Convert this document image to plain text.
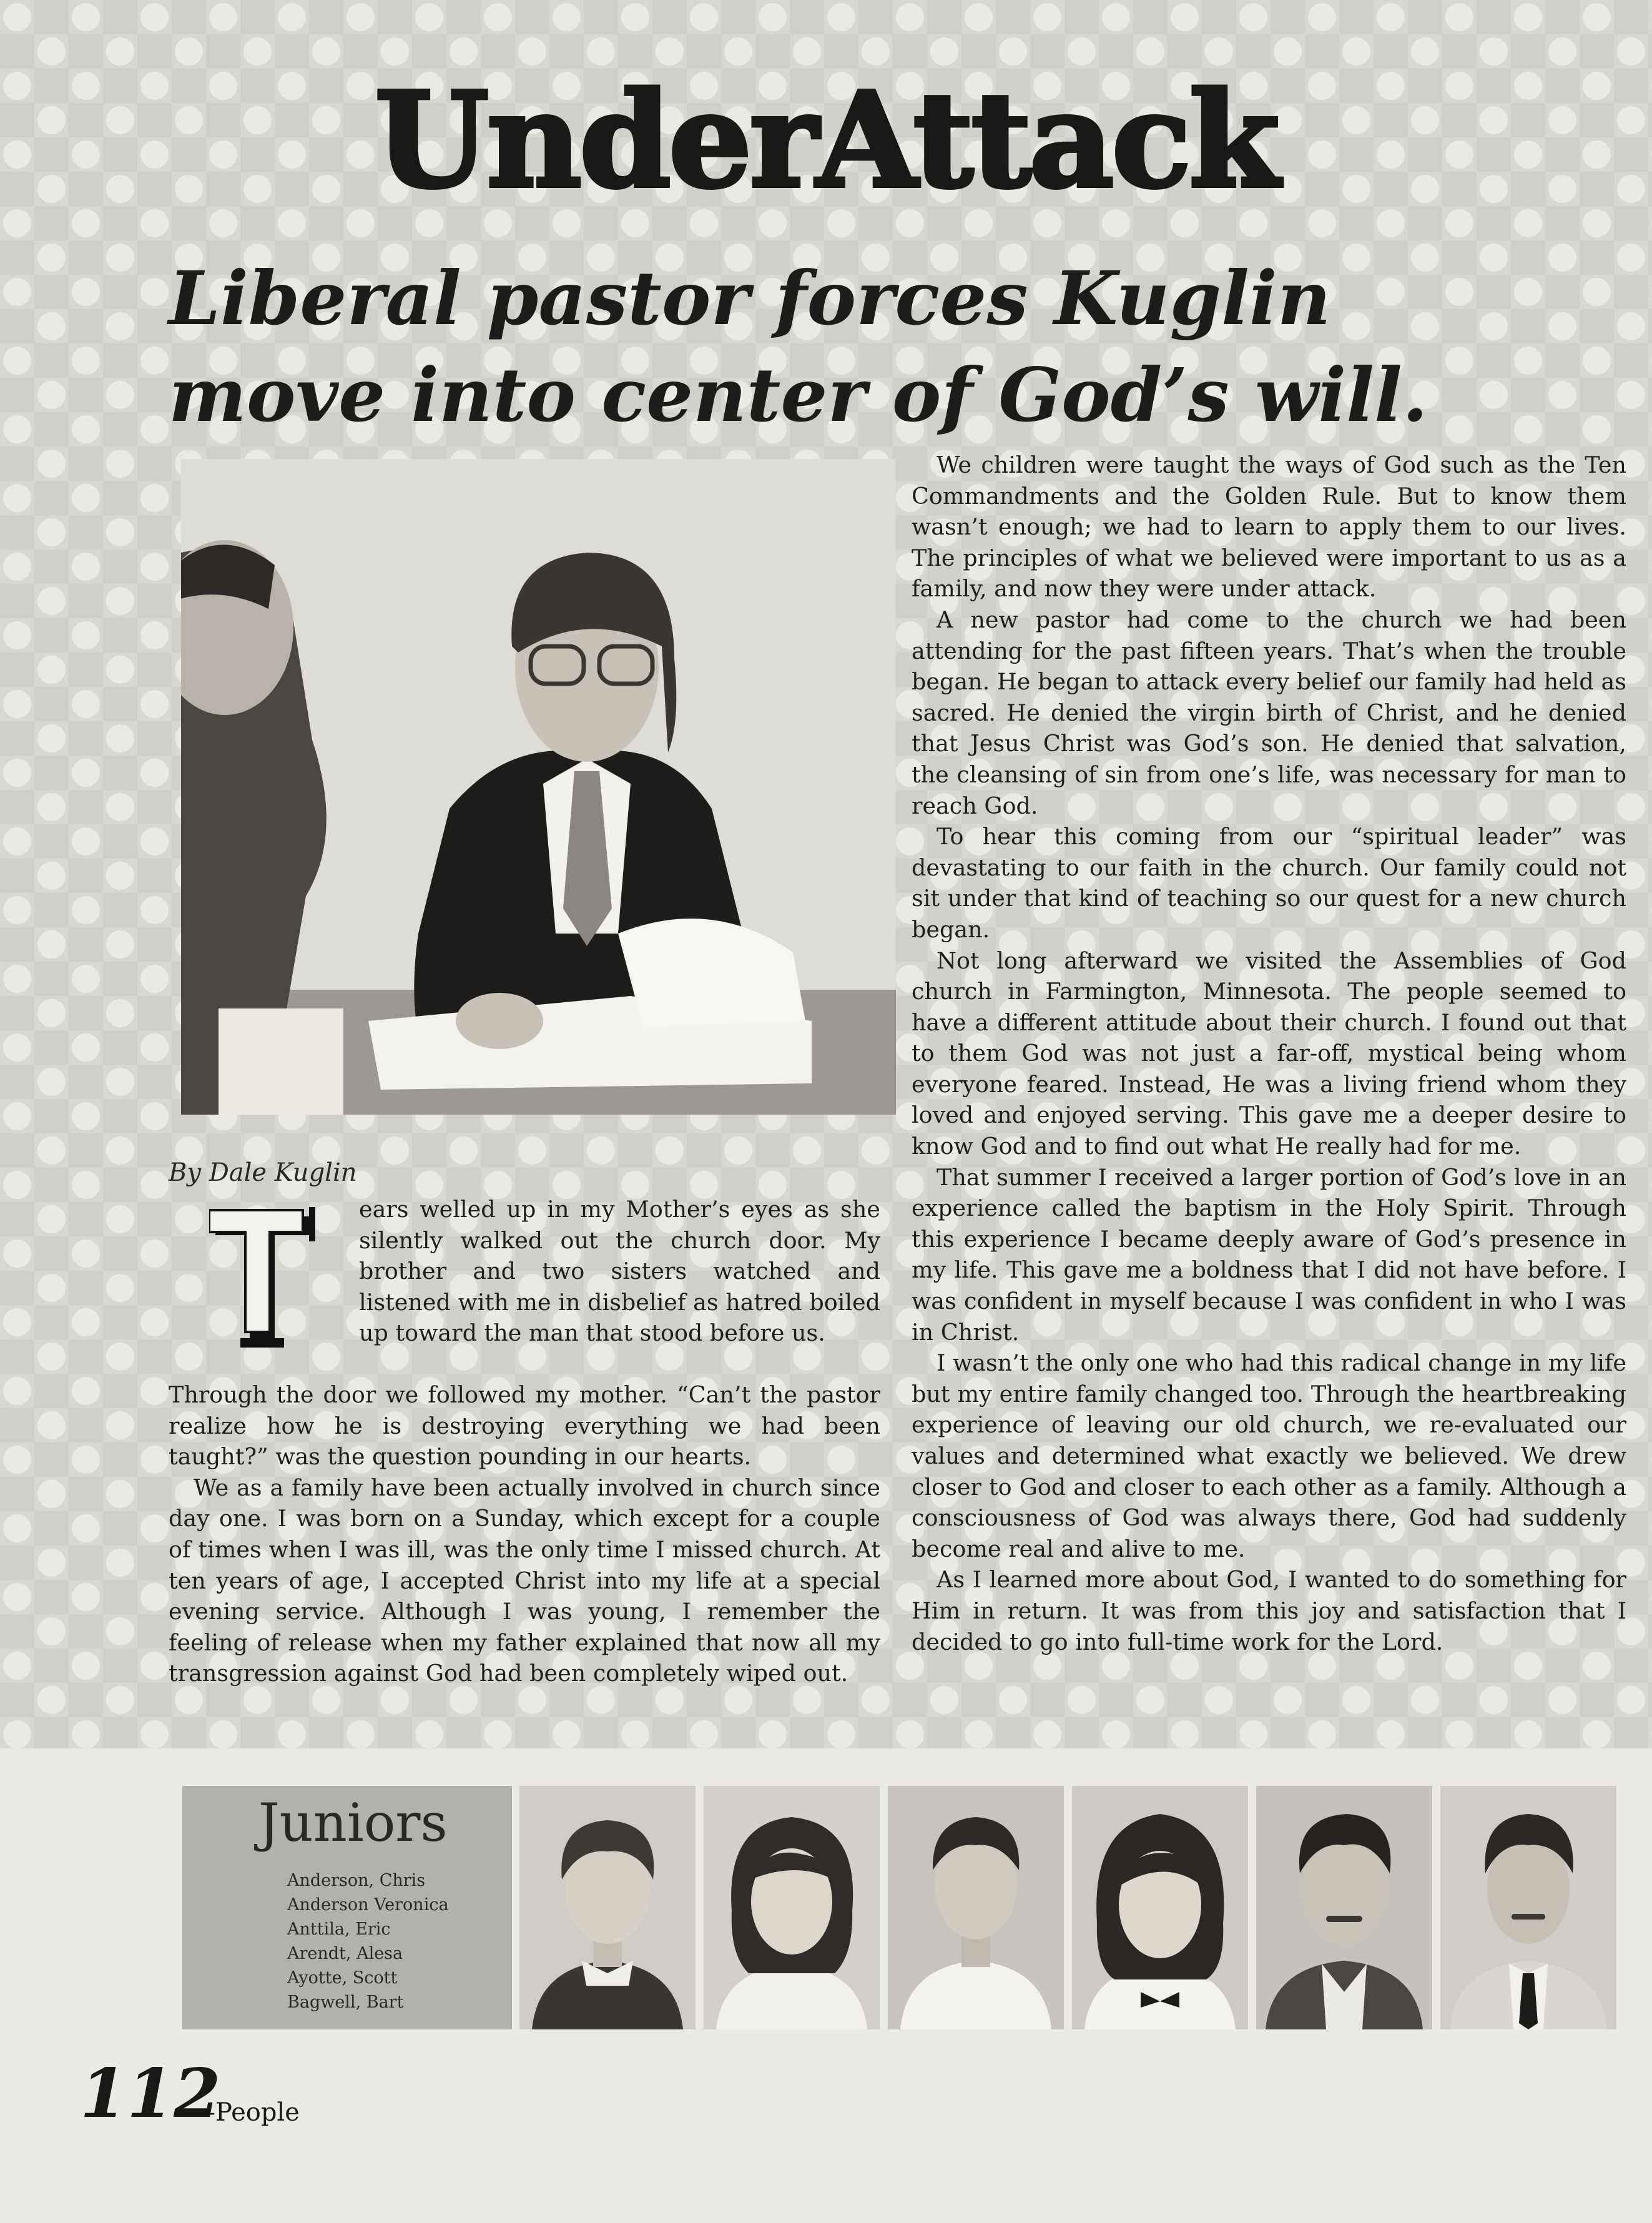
UnderAttack
Liberal pastor forces Kuglin
move into center of God’s will.
By Dale Kuglin
T	ears welled up in my Mother’s eyes as she silently walked out the church door. My brother and two sisters watched and listened with me in disbelief as hatred boiled up toward the man that stood before us.

Through the door we followed my mother. “Can’t the pastor realize how he is destroying everything we had been taught?” was the question pounding in our hearts.

We as a family have been actually involved in church since day one. I was born on a Sunday, which except for a couple of times when I was ill, was the only time I missed church. At ten years of age, I accepted Christ into my life at a special evening service. Although I was young, I remember the feeling of release when my father explained that now all my transgression against God had been completely wiped out.

We children were taught the ways of God such as the Ten Commandments and the Golden Rule. But to know them wasn’t enough; we had to learn to apply them to our lives. The principles of what we believed were important to us as a family, and now they were under attack.

A new pastor had come to the church we had been attending for the past fifteen years. That’s when the trouble began. He began to attack every belief our family had held as sacred. He denied the virgin birth of Christ, and he denied that Jesus Christ was God’s son. He denied that salvation, the cleansing of sin from one’s life, was necessary for man to reach God.

To hear this coming from our “spiritual leader” was devastating to our faith in the church. Our family could not sit under that kind of teaching so our quest for a new church began.

Not long afterward we visited the Assemblies of God church in Farmington, Minnesota. The people seemed to have a different attitude about their church. I found out that to them God was not just a far-off, mystical being whom everyone feared. Instead, He was a living friend whom they loved and enjoyed serving. This gave me a deeper desire to know God and to find out what He really had for me.

That summer I received a larger portion of God’s love in an experience called the baptism in the Holy Spirit. Through this experience I became deeply aware of God’s presence in my life. This gave me a boldness that I did not have before. I was confident in myself because I was confident in who I was in Christ.

I wasn’t the only one who had this radical change in my life but my entire family changed too. Through the heartbreaking experience of leaving our old church, we re-evaluated our values and determined what exactly we believed. We drew closer to God and closer to each other as a family. Although a consciousness of God was always there, God had suddenly become real and alive to me.

As I learned more about God, I wanted to do something for Him in return. It was from this joy and satisfaction that I decided to go into full-time work for the Lord.

Juniors
Anderson, Chris
Anderson Veronica
Anttila, Eric
Arendt, Alesa
Ayotte, Scott
Bagwell, Bart
112
—People
